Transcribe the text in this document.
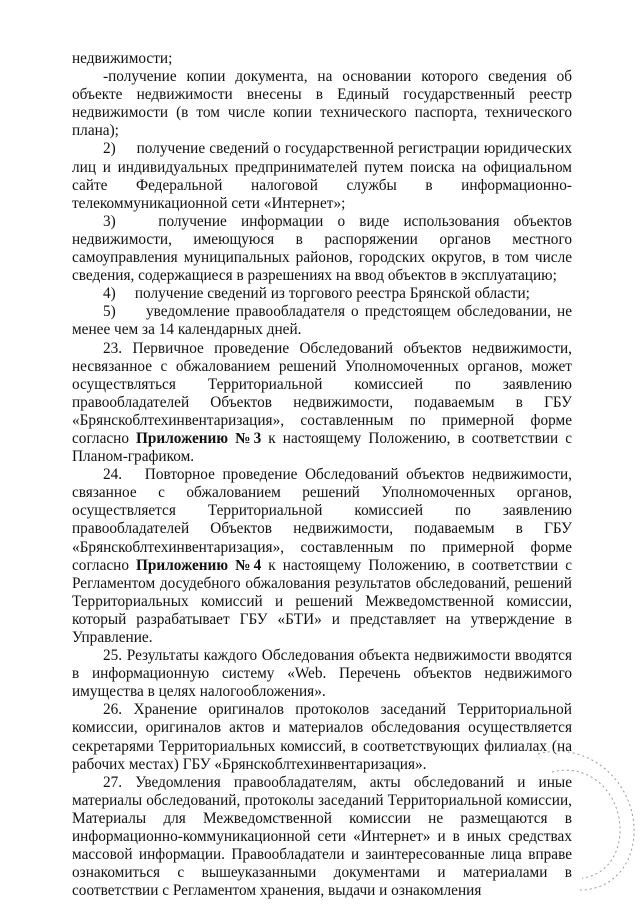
недвижимости;

-получение копии документа, на основании которого сведения об объекте недвижимости внесены в Единый государственный реестр недвижимости (в том числе копии технического паспорта, технического плана);

2)     получение сведений о государственной регистрации юридических лиц и индивидуальных предпринимателей путем поиска на официальном сайте Федеральной налоговой службы в информационно-телекоммуникационной сети «Интернет»;

3)   получение информации о виде использования объектов недвижимости, имеющуюся в распоряжении органов местного самоуправления муниципальных районов, городских округов, в том числе сведения, содержащиеся в разрешениях на ввод объектов в эксплуатацию;

4)     получение сведений из торгового реестра Брянской области;

5)     уведомление правообладателя о предстоящем обследовании, не менее чем за 14 календарных дней.

23. Первичное проведение Обследований объектов недвижимости, несвязанное с обжалованием решений Уполномоченных органов, может осуществляться Территориальной комиссией по заявлению правообладателей Объектов недвижимости, подаваемым в ГБУ «Брянскоблтехинвентаризация», составленным по примерной форме согласно Приложению №3 к настоящему Положению, в соответствии с Планом-графиком.

24.   Повторное проведение Обследований объектов недвижимости, связанное с обжалованием решений Уполномоченных органов, осуществляется Территориальной комиссией по заявлению правообладателей Объектов недвижимости, подаваемым в ГБУ «Брянскоблтехинвентаризация», составленным по примерной форме согласно Приложению №4 к настоящему Положению, в соответствии с Регламентом досудебного обжалования результатов обследований, решений Территориальных комиссий и решений Межведомственной комиссии, который разрабатывает ГБУ «БТИ» и представляет на утверждение в Управление.

25. Результаты каждого Обследования объекта недвижимости вводятся в информационную систему «Web. Перечень объектов недвижимого имущества в целях налогообложения».

26. Хранение оригиналов протоколов заседаний Территориальной комиссии, оригиналов актов и материалов обследования осуществляется секретарями Территориальных комиссий, в соответствующих филиалах (на рабочих местах) ГБУ «Брянскоблтехинвентаризация».

27. Уведомления правообладателям, акты обследований и иные материалы обследований, протоколы заседаний Территориальной комиссии, Материалы для Межведомственной комиссии не размещаются в информационно-коммуникационной сети «Интернет» и в иных средствах массовой информации. Правообладатели и заинтересованные лица вправе ознакомиться с вышеуказанными документами и материалами в соответствии с Регламентом хранения, выдачи и ознакомления
